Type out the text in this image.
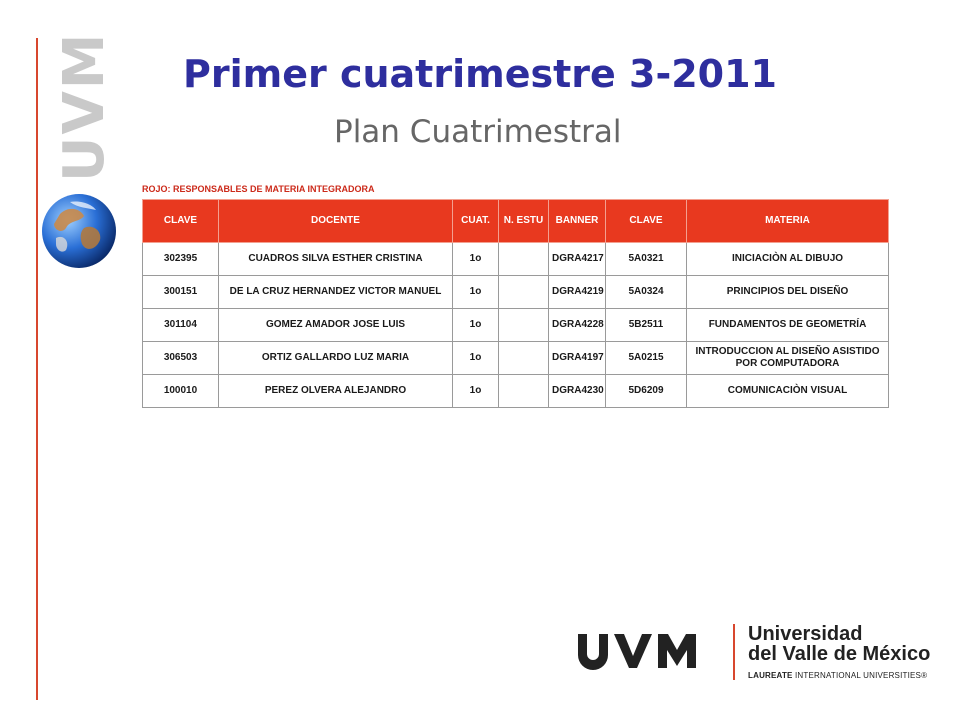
UVM	Primer cuatrimestre 3-2011
Plan Cuatrimestral
ROJO: RESPONSABLES DE MATERIA INTEGRADORA
CLAVE	DOCENTE	CUAT.	N. ESTU	BANNER	CLAVE	MATERIA
302395	CUADROS SILVA ESTHER CRISTINA	1o		DGRA4217	5A0321	INICIACIÒN AL DIBUJO
300151	DE LA CRUZ HERNANDEZ VICTOR MANUEL	1o		DGRA4219	5A0324	PRINCIPIOS DEL DISEÑO
301104	GOMEZ AMADOR JOSE LUIS	1o		DGRA4228	5B2511	FUNDAMENTOS DE GEOMETRÍA
306503	ORTIZ GALLARDO LUZ MARIA	1o		DGRA4197	5A0215	INTRODUCCION AL DISEÑO ASISTIDO POR COMPUTADORA
100010	PEREZ OLVERA ALEJANDRO	1o		DGRA4230	5D6209	COMUNICACIÒN VISUAL
Universidad
del Valle de México
LAUREATE INTERNATIONAL UNIVERSITIES®
